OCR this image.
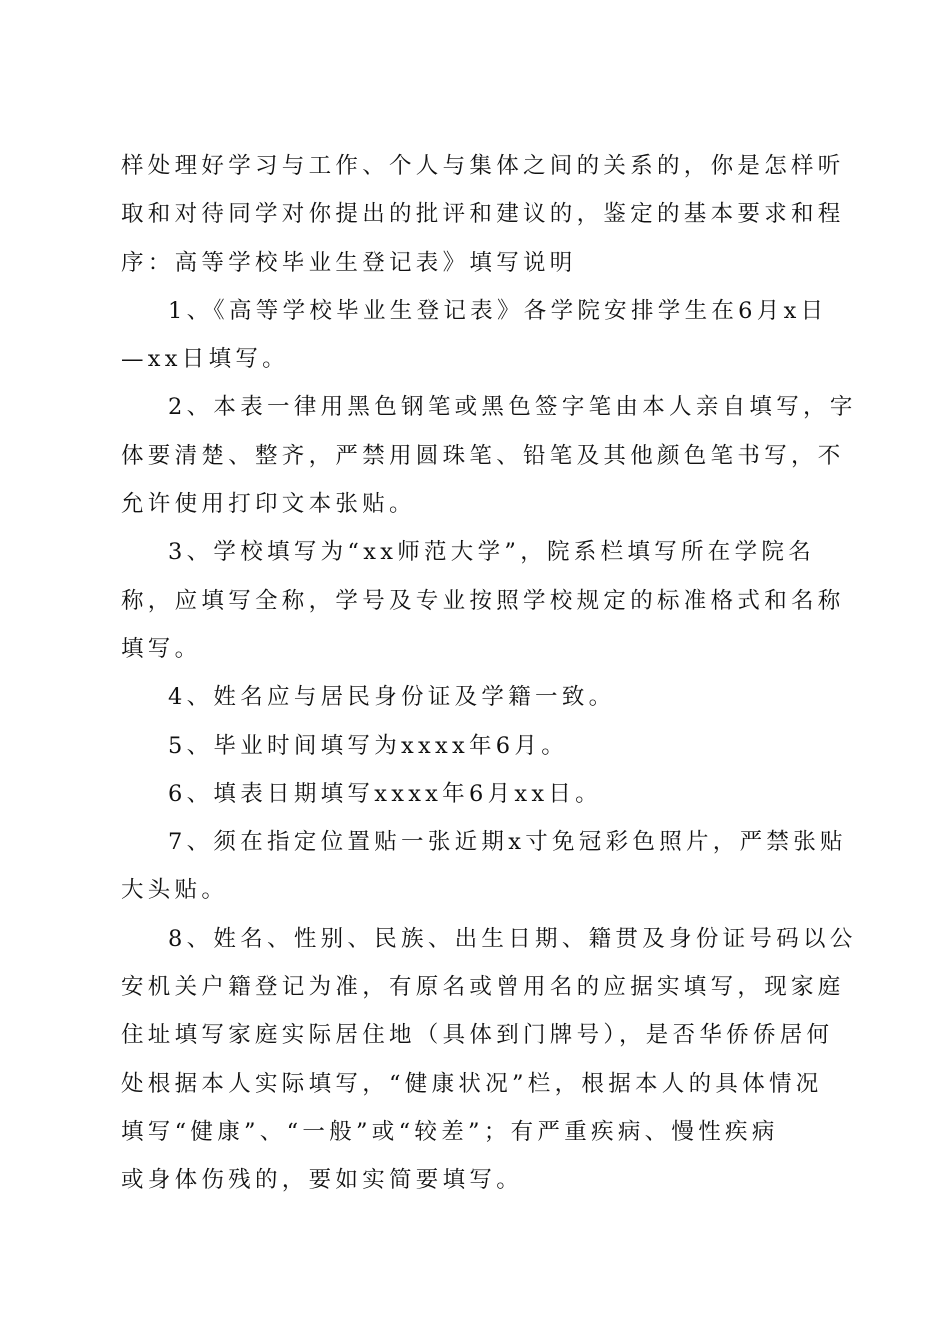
样处理好学习与工作、个人与集体之间的关系的，你是怎样听
取和对待同学对你提出的批评和建议的，鉴定的基本要求和程
序：高等学校毕业生登记表》填写说明
1、《高等学校毕业生登记表》各学院安排学生在6月x日
—xx日填写。
2、本表一律用黑色钢笔或黑色签字笔由本人亲自填写，字
体要清楚、整齐，严禁用圆珠笔、铅笔及其他颜色笔书写，不
允许使用打印文本张贴。
3、学校填写为“xx师范大学”，院系栏填写所在学院名
称，应填写全称，学号及专业按照学校规定的标准格式和名称
填写。
4、姓名应与居民身份证及学籍一致。
5、毕业时间填写为xxxx年6月。
6、填表日期填写xxxx年6月xx日。
7、须在指定位置贴一张近期x寸免冠彩色照片，严禁张贴
大头贴。
8、姓名、性别、民族、出生日期、籍贯及身份证号码以公
安机关户籍登记为准，有原名或曾用名的应据实填写，现家庭
住址填写家庭实际居住地（具体到门牌号），是否华侨侨居何
处根据本人实际填写，“健康状况”栏，根据本人的具体情况
填写“健康”、“一般”或“较差”；有严重疾病、慢性疾病
或身体伤残的，要如实简要填写。
